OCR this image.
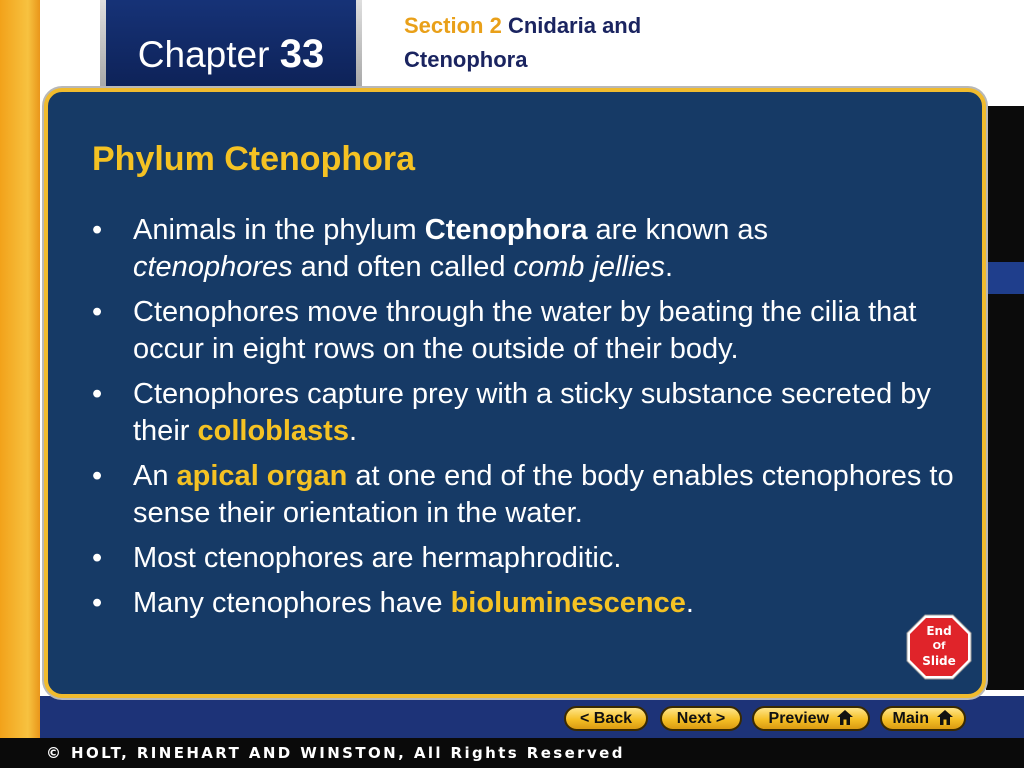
Chapter 33
Section 2 Cnidaria and
Ctenophora
Phylum Ctenophora
• Animals in the phylum Ctenophora are known as
ctenophores and often called comb jellies.
• Ctenophores move through the water by beating the cilia that occur in eight rows on the outside of their body.
• Ctenophores capture prey with a sticky substance secreted by their colloblasts.
• An apical organ at one end of the body enables ctenophores to sense their orientation in the water.
• Most ctenophores are hermaphroditic.
• Many ctenophores have bioluminescence.
End
Of
Slide
< Back	Next >	Preview	Main
© HOLT, RINEHART AND WINSTON, All Rights Reserved
